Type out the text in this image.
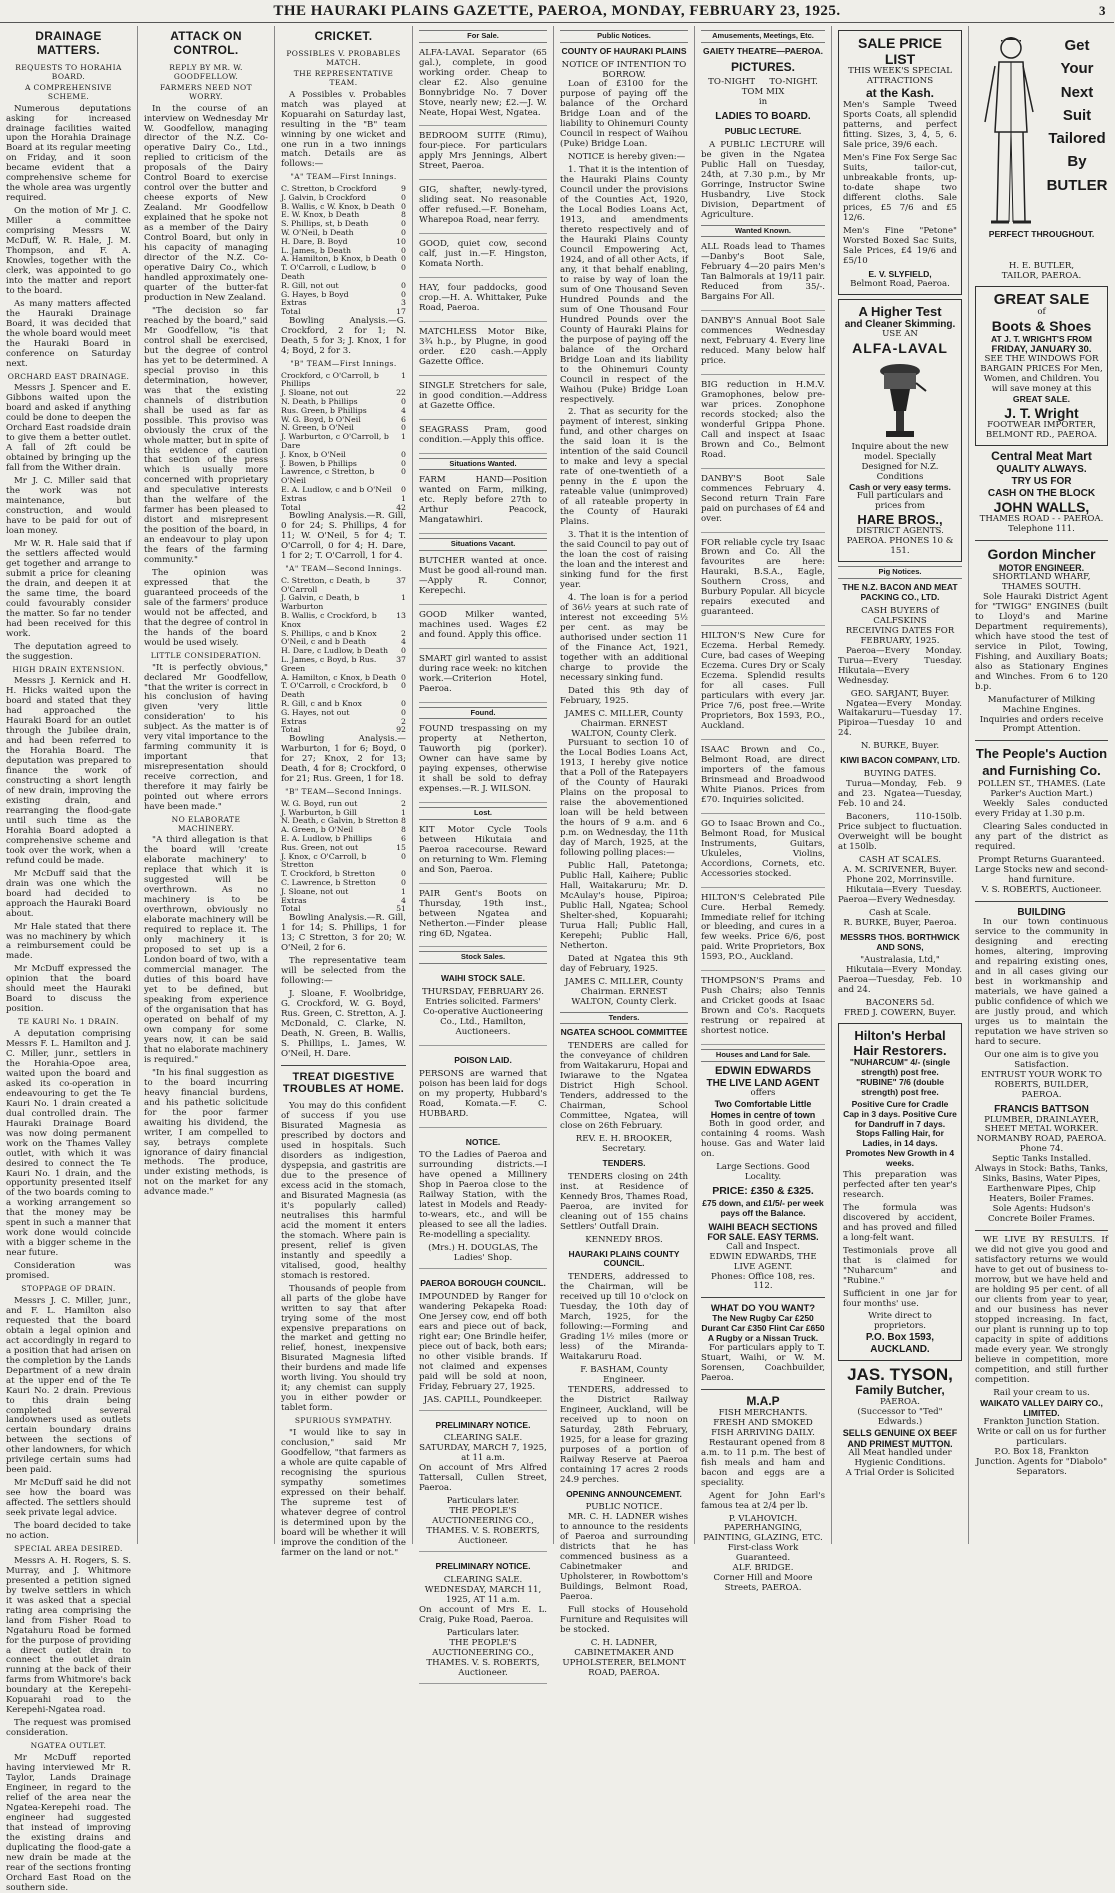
THE HAURAKI PLAINS GAZETTE, PAEROA, MONDAY, FEBRUARY 23, 1925.	3
DRAINAGE MATTERS.
REQUESTS TO HORAHIA BOARD.
A COMPREHENSIVE SCHEME.

Numerous deputations asking for increased drainage facilities waited upon the Horahia Drainage Board at its regular meeting on Friday, and it soon became evident that a comprehensive scheme for the whole area was urgently required.

On the motion of Mr J. C. Miller a committee comprising Messrs W. McDuff, W. R. Hale, J. M. Thompson, and F. A. Knowles, together with the clerk, was appointed to go into the matter and report to the board.

As many matters affected the Hauraki Drainage Board, it was decided that the whole board would meet the Hauraki Board in conference on Saturday next.

ORCHARD EAST DRAINAGE.

Messrs J. Spencer and E. Gibbons waited upon the board and asked if anything could be done to deepen the Orchard East roadside drain to give them a better outlet. A fall of 2ft could be obtained by bringing up the fall from the Wither drain.

Mr J. C. Miller said that the work was not maintenance, but construction, and would have to be paid for out of loan money.

Mr W. R. Hale said that if the settlers affected would get together and arrange to submit a price for cleaning the drain, and deepen it at the same time, the board could favourably consider the matter. So far no tender had been received for this work.

The deputation agreed to the suggestion.

HIGH DRAIN EXTENSION.

Messrs J. Kernick and H. H. Hicks waited upon the board and stated that they had approached the Hauraki Board for an outlet through the Jubilee drain, and had been referred to the Horahia Board. The deputation was prepared to finance the work of constructing a short length of new drain, improving the existing drain, and rearranging the flood-gate until such time as the Horahia Board adopted a comprehensive scheme and took over the work, when a refund could be made.

Mr McDuff said that the drain was one which the board had decided to approach the Hauraki Board about.

Mr Hale stated that there was no machinery by which a reimbursement could be made.

Mr McDuff expressed the opinion that the board should meet the Hauraki Board to discuss the position.

TE KAURI No. 1 DRAIN.

A deputation comprising Messrs F. L. Hamilton and J. C. Miller, junr., settlers in the Horahia-Opoe area, waited upon the board and asked its co-operation in endeavouring to get the Te Kauri No. 1 drain created a dual controlled drain. The Hauraki Drainage Board was now doing permanent work on the Thames Valley outlet, with which it was desired to connect the Te Kauri No. 1 drain, and the opportunity presented itself of the two boards coming to a working arrangement so that the money may be spent in such a manner that work done would coincide with a bigger scheme in the near future.

Consideration was promised.

STOPPAGE OF DRAIN.

Messrs J. C. Miller, junr., and F. L. Hamilton also requested that the board obtain a legal opinion and act accordingly in regard to a position that had arisen on the completion by the Lands Department of a new drain at the upper end of the Te Kauri No. 2 drain. Previous to this drain being completed several landowners used as outlets certain boundary drains between the sections of other landowners, for which privilege certain sums had been paid.

Mr McDuff said he did not see how the board was affected. The settlers should seek private legal advice.

The board decided to take no action.

SPECIAL AREA DESIRED.

Messrs A. H. Rogers, S. S. Murray, and J. Whitmore presented a petition signed by twelve settlers in which it was asked that a special rating area comprising the land from Fisher Road to Ngatahuru Road be formed for the purpose of providing a direct outlet drain to connect the outlet drain running at the back of their farms from Whitmore's back boundary at the Kerepehi-Kopuarahi road to the Kerepehi-Ngatea road.

The request was promised consideration.

NGATEA OUTLET.

Mr McDuff reported having interviewed Mr R. Taylor, Lands Drainage Engineer, in regard to the relief of the area near the Ngatea-Kerepehi road. The engineer had suggested that instead of improving the existing drains and duplicating the flood-gate a new drain be made at the rear of the sections fronting Orchard East Road on the southern side.

ATTACK ON CONTROL.
REPLY BY MR. W. GOODFELLOW.
FARMERS NEED NOT WORRY.

In the course of an interview on Wednesday Mr W. Goodfellow, managing director of the N.Z. Co-operative Dairy Co., Ltd., replied to criticism of the proposals of the Dairy Control Board to exercise control over the butter and cheese exports of New Zealand. Mr Goodfellow explained that he spoke not as a member of the Dairy Control Board, but only in his capacity of managing director of the N.Z. Co-operative Dairy Co., which handled approximately one-quarter of the butter-fat production in New Zealand.

"The decision so far reached by the board," said Mr Goodfellow, "is that control shall be exercised, but the degree of control has yet to be determined. A special proviso in this determination, however, was that the existing channels of distribution shall be used as far as possible. This proviso was obviously the crux of the whole matter, but in spite of this evidence of caution that section of the press which is usually more concerned with proprietary and speculative interests than the welfare of the farmer has been pleased to distort and misrepresent the position of the board, in an endeavour to play upon the fears of the farming community."

The opinion was expressed that the guaranteed proceeds of the sale of the farmers' produce would not be affected, and that the degree of control in the hands of the board would be used wisely.

LITTLE CONSIDERATION.

"It is perfectly obvious," declared Mr Goodfellow, "that the writer is correct in his conclusion of having given 'very little consideration' to his subject. As the matter is of very vital importance to the farming community it is important that misrepresentation should receive correction, and therefore it may fairly be pointed out where errors have been made."

NO ELABORATE MACHINERY.

"A third allegation is that the board will 'create elaborate machinery' to replace that which it is suggested will be overthrown. As no machinery is to be overthrown, obviously no elaborate machinery will be required to replace it. The only machinery it is proposed to set up is a London board of two, with a commercial manager. The duties of this board have yet to be defined, but speaking from experience of the organisation that has operated on behalf of my own company for some years now, it can be said that no elaborate machinery is required."

"In his final suggestion as to the board incurring heavy financial burdens, and his pathetic solicitude for the poor farmer awaiting his dividend, the writer, I am compelled to say, betrays complete ignorance of dairy financial methods. The produce, under existing methods, is not on the market for any advance made."

CRICKET.
POSSIBLES V. PROBABLES MATCH.
THE REPRESENTATIVE TEAM.

A Possibles v. Probables match was played at Kopuarahi on Saturday last, resulting in the "B" team winning by one wicket and one run in a two innings match. Details are as follows:—

"A" TEAM—First Innings.
C. Stretton, b Crockford	9
J. Galvin, b Crockford	0
B. Wallis, c W. Knox, b Death 0
E. W. Knox, b Death	8
S. Phillips, st, b Death	0
W. O'Neil, b Death	0
H. Dare, B. Boyd	10
L. James, b Death	0
A. Hamilton, b Knox, b Death 0
T. O'Carroll, c Ludlow, b Death
0
R. Gill, not out	0
G. Hayes, b Boyd	0
Extras	3
Total	17

Bowling Analysis.—G. Crockford, 2 for 1; N. Death, 5 for 3; J. Knox, 1 for 4; Boyd, 2 for 3.

"B" TEAM—First Innings.
Crockford, c O'Carroll, b Phillips
1
J. Sloane, not out	22
N. Death, b Phillips	0
Rus. Green, b Phillips	4
W. G. Boyd, b O'Neil	6
N. Green, b O'Neil	0
J. Warburton, c O'Carroll, b Dare
1
J. Knox, b O'Neil	0
J. Bowen, b Phillips	0
Lawrence, c Stretton, b O'Neil
0
E. A. Ludlow, c and b O'Neil 0
Extras	1
Total	42

Bowling Analysis.—R. Gill, 0 for 24; S. Phillips, 4 for 11; W. O'Neil, 5 for 4; T. O'Carroll, 0 for 4; H. Dare, 1 for 2; T. O'Carroll, 1 for 4.

"A" TEAM—Second Innings.
C. Stretton, c Death, b O'Carroll
37
J. Galvin, c Death, b Warburton
1
B. Wallis, c Crockford, b Knox
13
S. Phillips, c and b Knox	2
O'Neil, c and b Death	4
H. Dare, c Ludlow, b Death 0
L. James, c Boyd, b Rus. Green
37
A. Hamilton, c Knox, b Death 0
T. O'Carroll, c Crockford, b Death
0
R. Gill, c and b Knox	0
G. Hayes, not out	0
Extras	2
Total	92

Bowling Analysis.—Warburton, 1 for 6; Boyd, 0 for 27; Knox, 2 for 13; Death, 4 for 8; Crockford, 0 for 21; Rus. Green, 1 for 18.

"B" TEAM—Second Innings.
W. G. Boyd, run out	2
J. Warburton, b Gill	1
N. Death, c Galvin, b Stretton 8
A. Green, b O'Neil	8
E. A. Ludlow, b Phillips	6
Rus. Green, not out	15
J. Knox, c O'Carroll, b Stretton
0
T. Crockford, b Stretton	0
C. Lawrence, b Stretton	0
J. Sloane, not out	1
Extras	4
Total	51

Bowling Analysis.—R. Gill, 1 for 14; S. Phillips, 1 for 13; C Stretton, 3 for 20; W. O'Neil, 2 for 6.

The representative team will be selected from the following:—

J. Sloane, F. Woolbridge, G. Crockford, W. G. Boyd, Rus. Green, C. Stretton, A. J. McDonald, C. Clarke, N. Death, N. Green, B. Wallis, S. Phillips, L. James, W. O'Neil, H. Dare.

TREAT DIGESTIVE TROUBLES AT HOME.

You may do this confident of success if you use Bisurated Magnesia as prescribed by doctors and used in hospitals. Such disorders as indigestion, dyspepsia, and gastritis are due to the presence of excess acid in the stomach, and Bisurated Magnesia (as it's popularly called) neutralises this harmful acid the moment it enters the stomach. Where pain is present, relief is given instantly and speedily a vitalised, good, healthy stomach is restored.

Thousands of people from all parts of the globe have written to say that after trying some of the most expensive preparations on the market and getting no relief, honest, inexpensive Bisurated Magnesia lifted their burdens and made life worth living. You should try it; any chemist can supply you in either powder or tablet form.

SPURIOUS SYMPATHY.

"I would like to say in conclusion," said Mr Goodfellow, "that farmers as a whole are quite capable of recognising the spurious sympathy sometimes expressed on their behalf. The supreme test of whatever degree of control is determined upon by the board will be whether it will improve the condition of the farmer on the land or not."

For Sale.

ALFA-LAVAL Separator (65 gal.), complete, in good working order. Cheap to clear £2. Also genuine Bonnybridge No. 7 Dover Stove, nearly new; £2.—J. W. Neate, Hopai West, Ngatea.

BEDROOM SUITE (Rimu), four-piece. For particulars apply Mrs Jennings, Albert Street, Paeroa.

GIG, shafter, newly-tyred, sliding seat. No reasonable offer refused.—F. Boneham, Wharepoa Road, near ferry.

GOOD, quiet cow, second calf, just in.—F. Hingston, Komata North.

HAY, four paddocks, good crop.—H. A. Whittaker, Puke Road, Paeroa.

MATCHLESS Motor Bike, 3¾ h.p., by Plugne, in good order. £20 cash.—Apply Gazette Office.

SINGLE Stretchers for sale, in good condition.—Address at Gazette Office.

SEAGRASS Pram, good condition.—Apply this office.

Situations Wanted.

FARM HAND—Position wanted on Farm, milking, etc. Reply before 27th to Arthur Peacock, Mangatawhiri.

Situations Vacant.

BUTCHER wanted at once. Must be good all-round man.—Apply R. Connor, Kerepechi.

GOOD Milker wanted, machines used. Wages £2 and found. Apply this office.

SMART girl wanted to assist during race week: no kitchen work.—Criterion Hotel, Paeroa.

Found.

FOUND trespassing on my property at Netherton, Tauworth pig (porker). Owner can have same by paying expenses, otherwise it shall be sold to defray expenses.—R. J. WILSON.

Lost.

KIT Motor Cycle Tools between Hikutaia and Paeroa racecourse. Reward on returning to Wm. Fleming and Son, Paeroa.

PAIR Gent's Boots on Thursday, 19th inst., between Ngatea and Netherton.—Finder please ring 6D, Ngatea.

Stock Sales.
WAIHI STOCK SALE.
THURSDAY, FEBRUARY 26.

Entries solicited. Farmers' Co-operative Auctioneering Co., Ltd., Hamilton, Auctioneers.

POISON LAID.

PERSONS are warned that poison has been laid for dogs on my property, Hubbard's Road, Komata.—F. C. HUBBARD.

NOTICE.

TO the Ladies of Paeroa and surrounding districts.—I have opened a Millinery Shop in Paeroa close to the Railway Station, with the latest in Models and Ready-to-wears, etc., and will be pleased to see all the ladies. Re-modelling a speciality.

(Mrs.) H. DOUGLAS, The Ladies' Shop.
PAEROA BOROUGH COUNCIL.

IMPOUNDED by Ranger for wandering Pekapeka Road: One Jersey cow, end off both ears and piece out of back, right ear; One Brindle heifer, piece out of back, both ears; no other visible brands. If not claimed and expenses paid will be sold at noon, Friday, February 27, 1925.

JAS. CAPILL, Poundkeeper.
PRELIMINARY NOTICE.
CLEARING SALE.
SATURDAY, MARCH 7, 1925, at 11 a.m.

On account of Mrs Alfred Tattersall, Cullen Street, Paeroa.

Particulars later.
THE PEOPLE'S AUCTIONEERING CO., THAMES. V. S. ROBERTS, Auctioneer.
PRELIMINARY NOTICE.
CLEARING SALE.
WEDNESDAY, MARCH 11, 1925, AT 11 a.m.

On account of Mrs E. L. Craig, Puke Road, Paeroa.

Particulars later.
THE PEOPLE'S AUCTIONEERING CO., THAMES. V. S. ROBERTS, Auctioneer.
Public Notices.
COUNTY OF HAURAKI PLAINS
NOTICE OF INTENTION TO BORROW.

Loan of £3100 for the purpose of paying off the balance of the Orchard Bridge Loan and of the liability to Ohinemuri County Council in respect of Waihou (Puke) Bridge Loan.

NOTICE is hereby given:—

1. That it is the intention of the Hauraki Plains County Council under the provisions of the Counties Act, 1920, the Local Bodies Loans Act, 1913, and amendments thereto respectively and of the Hauraki Plains County Council Empowering Act, 1924, and of all other Acts, if any, it that behalf enabling, to raise by way of loan the sum of One Thousand Seven Hundred Pounds and the sum of One Thousand Four Hundred Pounds over the County of Hauraki Plains for the purpose of paying off the balance of the Orchard Bridge Loan and its liability to the Ohinemuri County Council in respect of the Waihou (Puke) Bridge Loan respectively.

2. That as security for the payment of interest, sinking fund, and other charges on the said loan it is the intention of the said Council to make and levy a special rate of one-twentieth of a penny in the £ upon the rateable value (unimproved) of all rateable property in the County of Hauraki Plains.

3. That it is the intention of the said Council to pay out of the loan the cost of raising the loan and the interest and sinking fund for the first year.

4. The loan is for a period of 36½ years at such rate of interest not exceeding 5½ per cent. as may be authorised under section 11 of the Finance Act, 1921, together with an additional charge to provide the necessary sinking fund.

Dated this 9th day of February, 1925.

JAMES C. MILLER, County Chairman. ERNEST WALTON, County Clerk.

Pursuant to section 10 of the Local Bodies Loans Act, 1913, I hereby give notice that a Poll of the Ratepayers of the County of Hauraki Plains on the proposal to raise the abovementioned loan will be held between the hours of 9 a.m. and 6 p.m. on Wednesday, the 11th day of March, 1925, at the following polling places:—

Public Hall, Patetonga; Public Hall, Kaihere; Public Hall, Waitakaruru; Mr. D. McAulay's house, Pipiroa; Public Hall, Ngatea; School Shelter-shed, Kopuarahi; Turua Hall; Public Hall, Kerepehi; Public Hall, Netherton.

Dated at Ngatea this 9th day of February, 1925.

JAMES C. MILLER, County Chairman. ERNEST WALTON, County Clerk.
Tenders.
NGATEA SCHOOL COMMITTEE

TENDERS are called for the conveyance of children from Waitakaruru, Hopai and Iwiarawe to the Ngatea District High School. Tenders, addressed to the Chairman, School Committee, Ngatea, will close on 26th February.

REV. E. H. BROOKER, Secretary.
TENDERS.

TENDERS closing on 24th inst. at Residence of Kennedy Bros, Thames Road, Paeroa, are invited for cleaning out of 155 chains Settlers' Outfall Drain.

KENNEDY BROS.
HAURAKI PLAINS COUNTY COUNCIL.

TENDERS, addressed to the Chairman, will be received up till 10 o'clock on Tuesday, the 10th day of March, 1925, for the following:—Forming and Grading 1½ miles (more or less) of the Miranda-Waitakaruru Road.

F. BASHAM, County Engineer.

TENDERS, addressed to the District Railway Engineer, Auckland, will be received up to noon on Saturday, 28th February, 1925, for a lease for grazing purposes of a portion of Railway Reserve at Paeroa containing 17 acres 2 roods 24.9 perches.

OPENING ANNOUNCEMENT.
PUBLIC NOTICE.

MR. C. H. LADNER wishes to announce to the residents of Paeroa and surrounding districts that he has commenced business as a Cabinetmaker and Upholsterer, in Rowbottom's Buildings, Belmont Road, Paeroa.

Full stocks of Household Furniture and Requisites will be stocked.

C. H. LADNER, CABINETMAKER AND UPHOLSTERER, BELMONT ROAD, PAEROA.
Amusements, Meetings, Etc.
GAIETY THEATRE—PAEROA.
PICTURES.
TO-NIGHT TO-NIGHT.
TOM MIX
in
LADIES TO BOARD.
PUBLIC LECTURE.

A PUBLIC LECTURE will be given in the Ngatea Public Hall on Tuesday, 24th, at 7.30 p.m., by Mr Gorringe, Instructor Swine Husbandry, Live Stock Division, Department of Agriculture.

Wanted Known.

ALL Roads lead to Thames—Danby's Boot Sale, February 4—20 pairs Men's Tan Balmorals at 19/11 pair. Reduced from 35/-. Bargains For All.

DANBY'S Annual Boot Sale commences Wednesday next, February 4. Every line reduced. Many below half price.

BIG reduction in H.M.V. Gramophones, below pre-war prices. Zonophone records stocked; also the wonderful Grippa Phone. Call and inspect at Isaac Brown and Co., Belmont Road.

DANBY'S Boot Sale commences February 4. Second return Train Fare paid on purchases of £4 and over.

FOR reliable cycle try Isaac Brown and Co. All the favourites are here: Hauraki, B.S.A., Eagle, Southern Cross, and Burbury Popular. All bicycle repairs executed and guaranteed.

HILTON'S New Cure for Eczema. Herbal Remedy. Cure, bad cases of Weeping Eczema. Cures Dry or Scaly Eczema. Splendid results for all cases. Full particulars with every jar. Price 7/6, post free.—Write Proprietors, Box 1593, P.O., Auckland.

ISAAC Brown and Co., Belmont Road, are direct importers of the famous Brinsmead and Broadwood White Pianos. Prices from £70. Inquiries solicited.

GO to Isaac Brown and Co., Belmont Road, for Musical Instruments, Guitars, Ukuleles, Violins, Accordions, Cornets, etc. Accessories stocked.

HILTON'S Celebrated Pile Cure. Herbal Remedy. Immediate relief for itching or bleeding, and cures in a few weeks. Price 6/6, post paid. Write Proprietors, Box 1593, P.O., Auckland.

THOMPSON'S Prams and Push Chairs; also Tennis and Cricket goods at Isaac Brown and Co's. Racquets restrung or repaired at shortest notice.

Houses and Land for Sale.
EDWIN EDWARDS
THE LIVE LAND AGENT
offers
Two Comfortable Little Homes in centre of town

Both in good order, and containing 4 rooms. Wash house. Gas and Water laid on.

Large Sections. Good Locality.
PRICE: £350 & £325.
£75 down, and £1/5/- per week pays off the Balance.
WAIHI BEACH SECTIONS FOR SALE. EASY TERMS.
Call and Inspect.
EDWIN EDWARDS, THE LIVE AGENT.
Phones: Office 108, res. 112.
WHAT DO YOU WANT?
The New Rugby Car £250 Durant Car £350 Flint Car £650 A Rugby or a Nissan Truck.

For particulars apply to T. Stuart, Waihi, or W. M. Sorensen, Coachbuilder, Paeroa.

M.A.P
FISH MERCHANTS.
FRESH AND SMOKED FISH ARRIVING DAILY.

Restaurant opened from 8 a.m. to 11 p.m. The best of fish meals and ham and bacon and eggs are a speciality.

Agent for John Earl's famous tea at 2/4 per lb.

P. VLAHOVICH.
PAPERHANGING, PAINTING, GLAZING, ETC.
First-class Work Guaranteed.
ALF. BRIDGE.
Corner Hill and Moore Streets, PAEROA.
SALE PRICE LIST
THIS WEEK'S SPECIAL ATTRACTIONS
at the Kash.

Men's Sample Tweed Sports Coats, all splendid patterns, and perfect fitting. Sizes, 3, 4, 5, 6. Sale price, 39/6 each.

Men's Fine Fox Serge Sac Suits, tailor-cut, unbreakable fronts, up-to-date shape two different cloths. Sale prices, £5 7/6 and £5 12/6.

Men's Fine "Petone" Worsted Boxed Sac Suits, Sale Prices, £4 19/6 and £5/10

E. V. SLYFIELD,
Belmont Road, Paeroa.
A Higher Test
and Cleaner Skimming.
USE AN
ALFA-LAVAL
Inquire about the new model. Specially Designed for N.Z. Conditions
Cash or very easy terms.
Full particulars and prices from
HARE BROS.,
DISTRICT AGENTS.
PAEROA. PHONES 10 & 151.
Pig Notices.
THE N.Z. BACON AND MEAT PACKING CO., LTD.
CASH BUYERS of CALFSKINS
RECEIVING DATES FOR FEBRUARY, 1925.

Paeroa—Every Monday. Turua—Every Tuesday. Hikutaia—Every Wednesday.

GEO. SARJANT, Buyer.

Ngatea—Every Monday. Waitakaruru—Tuesday 17. Pipiroa—Tuesday 10 and 24.

N. BURKE, Buyer.
KIWI BACON COMPANY, LTD.
BUYING DATES.

Turua—Monday, Feb. 9 and 23. Ngatea—Tuesday, Feb. 10 and 24.

Baconers, 110-150lb. Price subject to fluctuation. Overweight will be bought at 150lb.

CASH AT SCALES.
A. M. SCRIVENER, Buyer. Phone 202, Morrinsville.

Hikutaia—Every Tuesday. Paeroa—Every Wednesday.

Cash at Scale.
R. BURKE, Buyer, Paeroa.
MESSRS THOS. BORTHWICK AND SONS,
"Australasia, Ltd,"

Hikutaia—Every Monday. Paeroa—Tuesday, Feb. 10 and 24.

BACONERS 5d.
FRED J. COWERN, Buyer.
Hilton's Herbal Hair Restorers.
"NUHARCUM" 4/- (single strength) post free.
"RUBINE" 7/6 (double strength) post free.
Positive Cure for Cradle Cap in 3 days. Positive Cure for Dandruff in 7 days. Stops Falling Hair, for Ladies, in 14 days. Promotes New Growth in 4 weeks.

This preparation was perfected after ten year's research.

The formula was discovered by accident, and has proved and filled a long-felt want.

Testimonials prove all that is claimed for "Nuharcum" and "Rubine."

Sufficient in one jar for four months' use.

Write direct to proprietors.
P.O. Box 1593, AUCKLAND.
JAS. TYSON,
Family Butcher,
PAEROA.
(Successor to "Ted" Edwards.)
SELLS GENUINE OX BEEF AND PRIMEST MUTTON.
All Meat handled under Hygienic Conditions.
A Trial Order is Solicited
Get
Your
Next
Suit
Tailored
By
BUTLER
PERFECT THROUGHOUT.
H. E. BUTLER,
TAILOR, PAEROA.
GREAT SALE
of
Boots & Shoes
AT J. T. WRIGHT'S FROM
FRIDAY, JANUARY 30.
SEE THE WINDOWS FOR BARGAIN PRICES For Men, Women, and Children. You will save money at this
GREAT SALE.
J. T. Wright
FOOTWEAR IMPORTER, BELMONT RD., PAEROA.
Central Meat Mart
QUALITY ALWAYS.
TRY US FOR
CASH ON THE BLOCK
JOHN WALLS,
THAMES ROAD - - PAEROA. Telephone 111.
Gordon Mincher
MOTOR ENGINEER.
SHORTLAND WHARF, THAMES SOUTH.

Sole Hauraki District Agent for "TWIGG" ENGINES (built to Lloyd's and Marine Department requirements), which have stood the test of service in Pilot, Towing, Fishing, and Auxiliary Boats; also as Stationary Engines and Winches. From 6 to 120 b.p.

Manufacturer of Milking Machine Engines.
Inquiries and orders receive Prompt Attention.
The People's Auction and Furnishing Co.
POLLEN ST., THAMES. (Late Parker's Auction Mart.)

Weekly Sales conducted every Friday at 1.30 p.m.

Clearing Sales conducted in any part of the district as required.

Prompt Returns Guaranteed.
Large Stocks new and second-hand furniture.
V. S. ROBERTS, Auctioneer.
BUILDING

In our town continuous service to the community in designing and erecting homes, altering, improving and repairing existing ones, and in all cases giving our best in workmanship and materials, we have gained a public confidence of which we are justly proud, and which urges us to maintain the reputation we have striven so hard to secure.

Our one aim is to give you Satisfaction.
ENTRUST YOUR WORK TO ROBERTS, BUILDER, PAEROA.
FRANCIS BATTSON
PLUMBER, DRAINLAYER, SHEET METAL WORKER.
NORMANBY ROAD, PAEROA. Phone 74.
Septic Tanks Installed.
Always in Stock: Baths, Tanks, Sinks, Basins, Water Pipes, Earthenware Pipes, Chip Heaters, Boiler Frames.
Sole Agents: Hudson's Concrete Boiler Frames.

WE LIVE BY RESULTS. If we did not give you good and satisfactory returns we would have to get out of business to-morrow, but we have held and are holding 95 per cent. of all our clients from year to year, and our business has never stopped increasing. In fact, our plant is running up to top capacity in spite of additions made every year. We strongly believe in competition, more competition, and still further competition.

Rail your cream to us.
WAIKATO VALLEY DAIRY CO., LIMITED.
Frankton Junction Station. Write or call on us for further particulars.
P.O. Box 18, Frankton Junction. Agents for "Diabolo" Separators.
